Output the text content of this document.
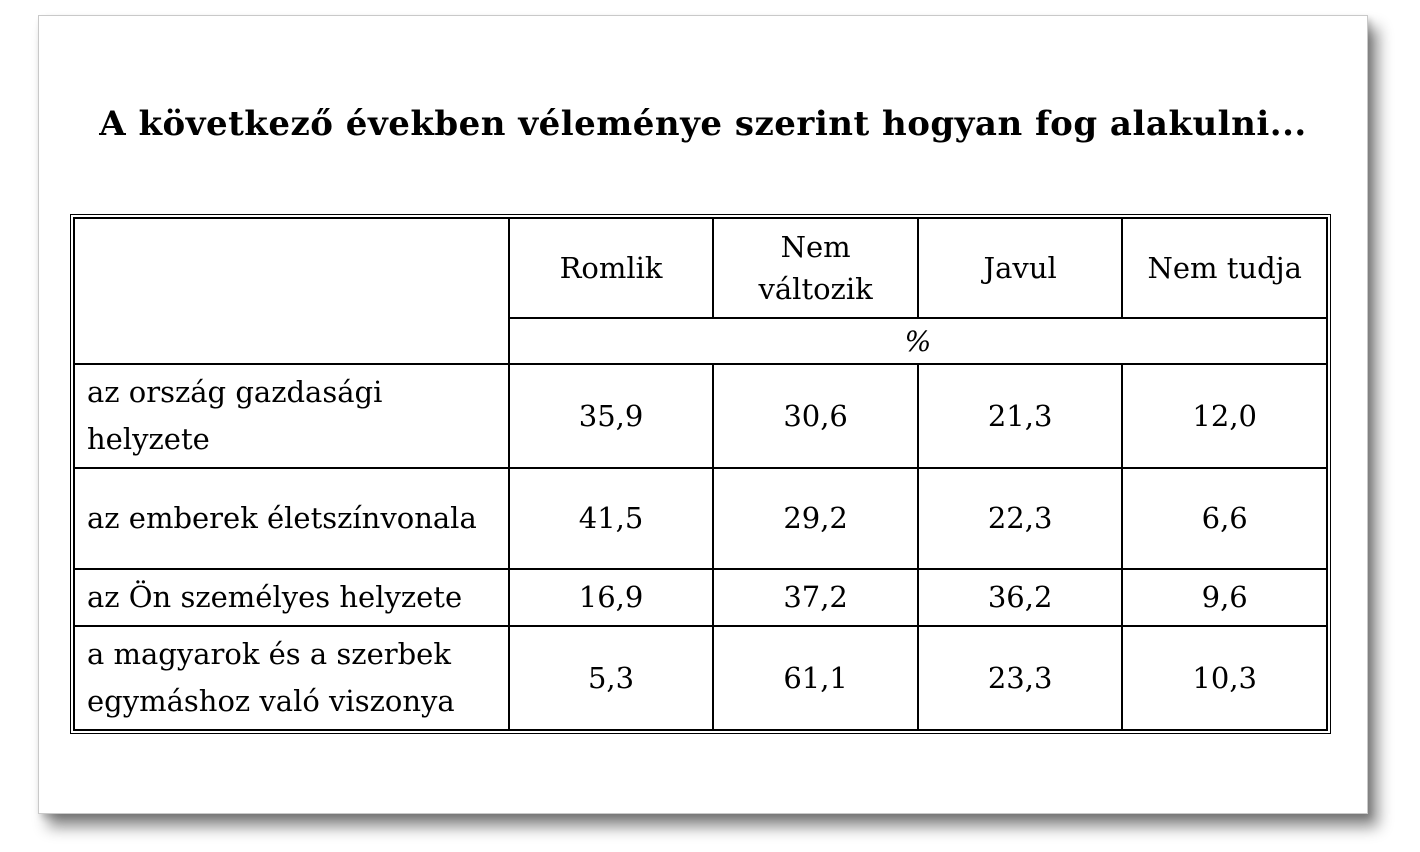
A következő években véleménye szerint hogyan fog alakulni...
	Romlik	Nem változik	Javul	Nem tudja
	%			
az ország gazdasági helyzete	35,9	30,6	21,3	12,0
az emberek életszínvonala	41,5	29,2	22,3	6,6
az Ön személyes helyzete	16,9	37,2	36,2	9,6
a magyarok és a szerbek egymáshoz való viszonya	5,3	61,1	23,3	10,3
